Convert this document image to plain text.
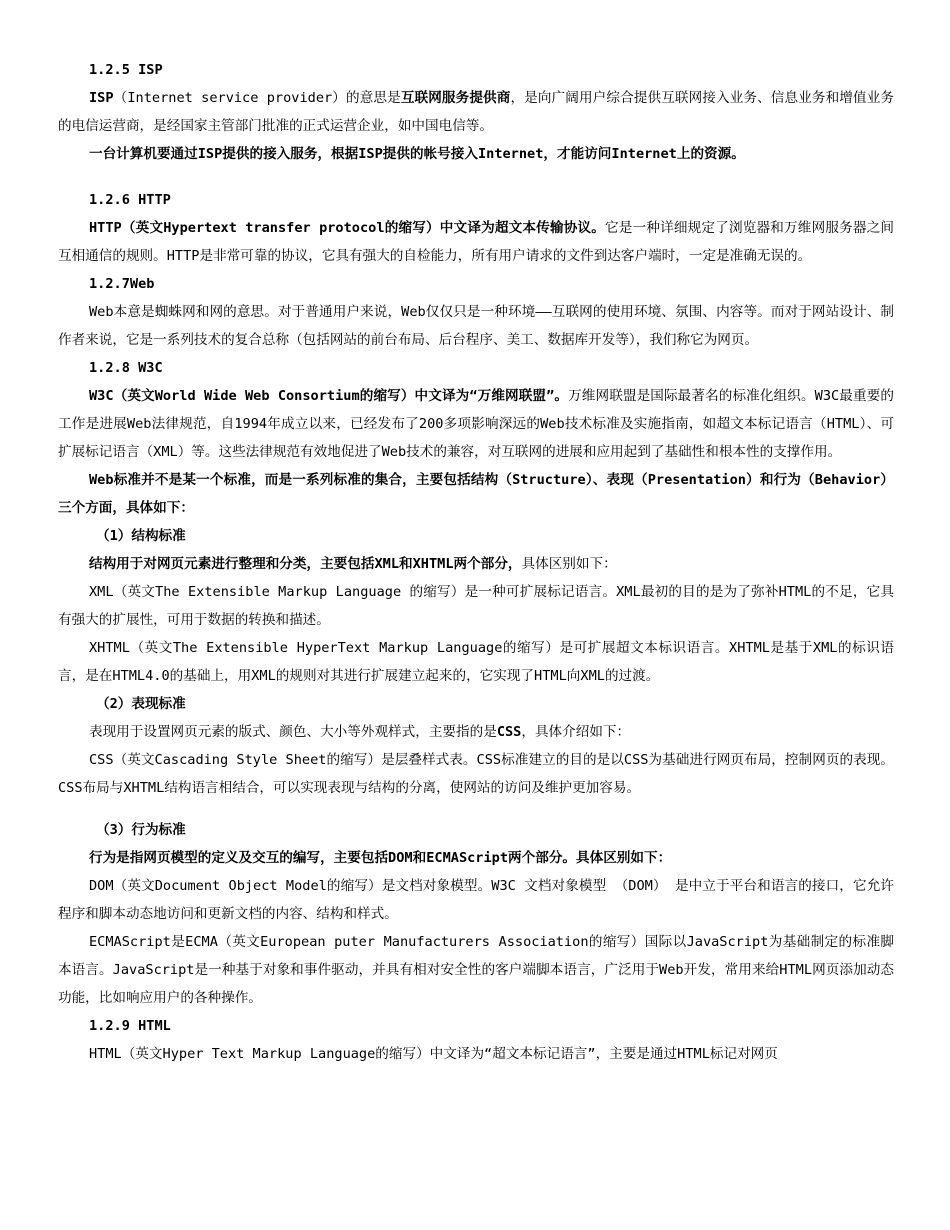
1.2.5 ISP

ISP（Internet service provider）的意思是互联网服务提供商，是向广阔用户综合提供互联网接入业务、信息业务和增值业务的电信运营商，是经国家主管部门批准的正式运营企业，如中国电信等。

一台计算机要通过ISP提供的接入服务，根据ISP提供的帐号接入Internet，才能访问Internet上的资源。

1.2.6 HTTP

HTTP（英文Hypertext transfer protocol的缩写）中文译为超文本传输协议。它是一种详细规定了浏览器和万维网服务器之间互相通信的规则。HTTP是非常可靠的协议，它具有强大的自检能力，所有用户请求的文件到达客户端时，一定是准确无误的。

1.2.7Web

Web本意是蜘蛛网和网的意思。对于普通用户来说，Web仅仅只是一种环境——互联网的使用环境、氛围、内容等。而对于网站设计、制作者来说，它是一系列技术的复合总称（包括网站的前台布局、后台程序、美工、数据库开发等），我们称它为网页。

1.2.8 W3C

W3C（英文World Wide Web Consortium的缩写）中文译为“万维网联盟”。万维网联盟是国际最著名的标准化组织。W3C最重要的工作是进展Web法律规范，自1994年成立以来，已经发布了200多项影响深远的Web技术标准及实施指南，如超文本标记语言（HTML）、可扩展标记语言（XML）等。这些法律规范有效地促进了Web技术的兼容，对互联网的进展和应用起到了基础性和根本性的支撑作用。

Web标准并不是某一个标准，而是一系列标准的集合，主要包括结构（Structure）、表现（Presentation）和行为（Behavior）三个方面，具体如下：

（1）结构标准

结构用于对网页元素进行整理和分类，主要包括XML和XHTML两个部分，具体区别如下：

XML（英文The Extensible Markup Language 的缩写）是一种可扩展标记语言。XML最初的目的是为了弥补HTML的不足，它具有强大的扩展性，可用于数据的转换和描述。

XHTML（英文The Extensible HyperText Markup Language的缩写）是可扩展超文本标识语言。XHTML是基于XML的标识语言，是在HTML4.0的基础上，用XML的规则对其进行扩展建立起来的，它实现了HTML向XML的过渡。

（2）表现标准

表现用于设置网页元素的版式、颜色、大小等外观样式，主要指的是CSS，具体介绍如下：

CSS（英文Cascading Style Sheet的缩写）是层叠样式表。CSS标准建立的目的是以CSS为基础进行网页布局，控制网页的表现。CSS布局与XHTML结构语言相结合，可以实现表现与结构的分离，使网站的访问及维护更加容易。

（3）行为标准

行为是指网页模型的定义及交互的编写，主要包括DOM和ECMAScript两个部分。具体区别如下：

DOM（英文Document Object Model的缩写）是文档对象模型。W3C 文档对象模型 （DOM） 是中立于平台和语言的接口，它允许程序和脚本动态地访问和更新文档的内容、结构和样式。

ECMAScript是ECMA（英文European puter Manufacturers Association的缩写）国际以JavaScript为基础制定的标准脚本语言。JavaScript是一种基于对象和事件驱动，并具有相对安全性的客户端脚本语言，广泛用于Web开发，常用来给HTML网页添加动态功能，比如响应用户的各种操作。

1.2.9 HTML

HTML（英文Hyper Text Markup Language的缩写）中文译为“超文本标记语言”，主要是通过HTML标记对网页
